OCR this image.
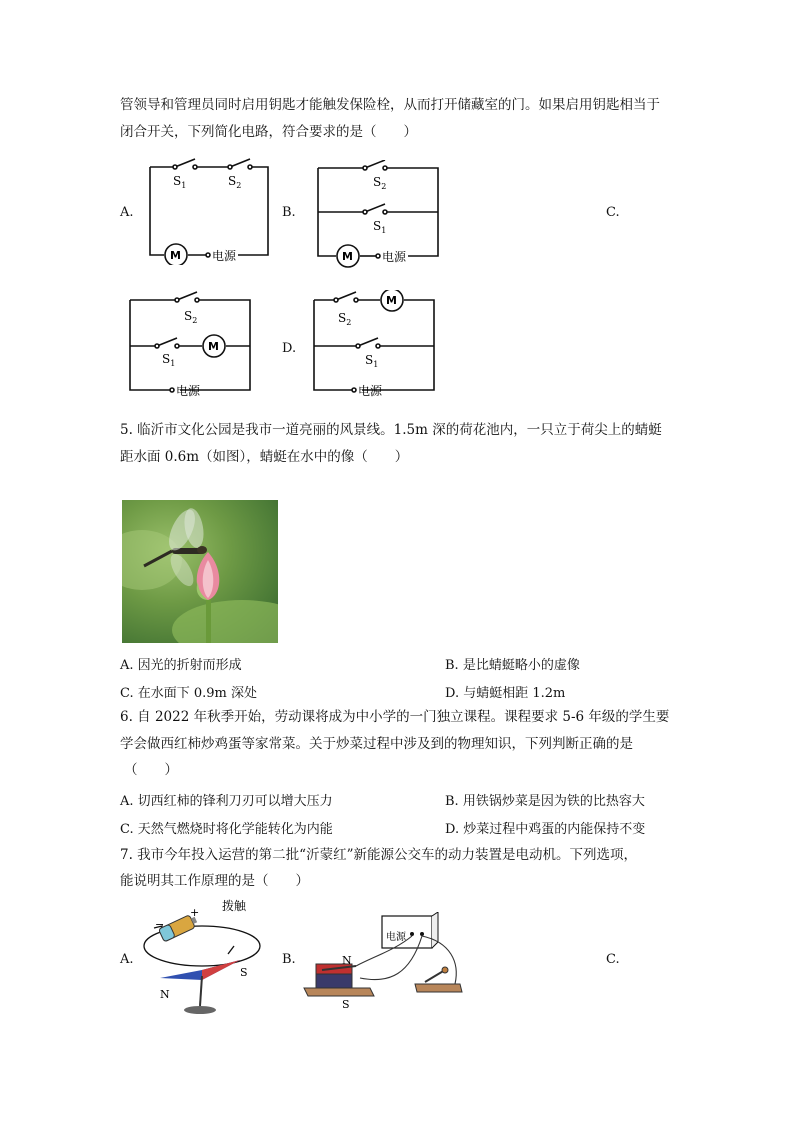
管领导和管理员同时启用钥匙才能触发保险栓，从而打开储藏室的门。如果启用钥匙相当于
闭合开关，下列简化电路，符合要求的是（　　）
A.	B.	C.
D.
$S_1$	$S_2$
M	电源
$S_2$
$S_1$
M 电源
$S_2$
$S_1$
M
电源
$S_2$
$S_1$
M
电源
5. 临沂市文化公园是我市一道亮丽的风景线。1.5m 深的荷花池内，一只立于荷尖上的蜻蜓
距水面 0.6m（如图），蜻蜓在水中的像（　　）
A. 因光的折射而形成	B. 是比蜻蜓略小的虚像
C. 在水面下 0.9m 深处	D. 与蜻蜓相距 1.2m
6. 自 2022 年秋季开始，劳动课将成为中小学的一门独立课程。课程要求 5-6 年级的学生要
学会做西红柿炒鸡蛋等家常菜。关于炒菜过程中涉及到的物理知识，下列判断正确的是
（　　）
A. 切西红柿的锋利刀刃可以增大压力	B. 用铁锅炒菜是因为铁的比热容大
C. 天然气燃烧时将化学能转化为内能	D. 炒菜过程中鸡蛋的内能保持不变
7. 我市今年投入运营的第二批“沂蒙红”新能源公交车的动力装置是电动机。下列选项，
能说明其工作原理的是（　　）
A.	B.	C.
−
+ 拨触
N
S
电源
N
S
